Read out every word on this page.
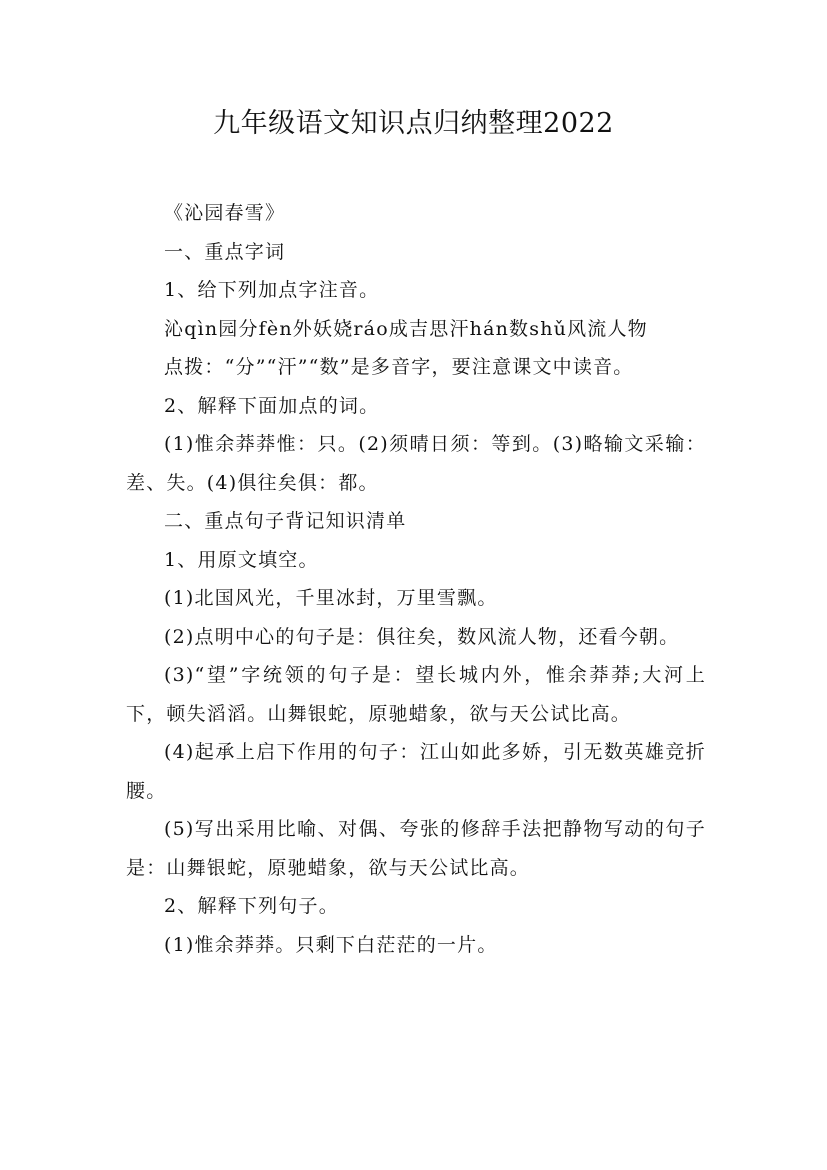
九年级语文知识点归纳整理2022

《沁园春雪》

一、重点字词

1、给下列加点字注音。

沁qìn园分fèn外妖娆ráo成吉思汗hán数shǔ风流人物

点拨：“分”“汗”“数”是多音字，要注意课文中读音。

2、解释下面加点的词。

(1)惟余莽莽惟：只。(2)须晴日须：等到。(3)略输文采输：差、失。(4)俱往矣俱：都。

二、重点句子背记知识清单

1、用原文填空。

(1)北国风光，千里冰封，万里雪飘。

(2)点明中心的句子是：俱往矣，数风流人物，还看今朝。

(3)“望”字统领的句子是：望长城内外，惟余莽莽;大河上下，顿失滔滔。山舞银蛇，原驰蜡象，欲与天公试比高。

(4)起承上启下作用的句子：江山如此多娇，引无数英雄竞折腰。

(5)写出采用比喻、对偶、夸张的修辞手法把静物写动的句子是：山舞银蛇，原驰蜡象，欲与天公试比高。

2、解释下列句子。

(1)惟余莽莽。只剩下白茫茫的一片。
